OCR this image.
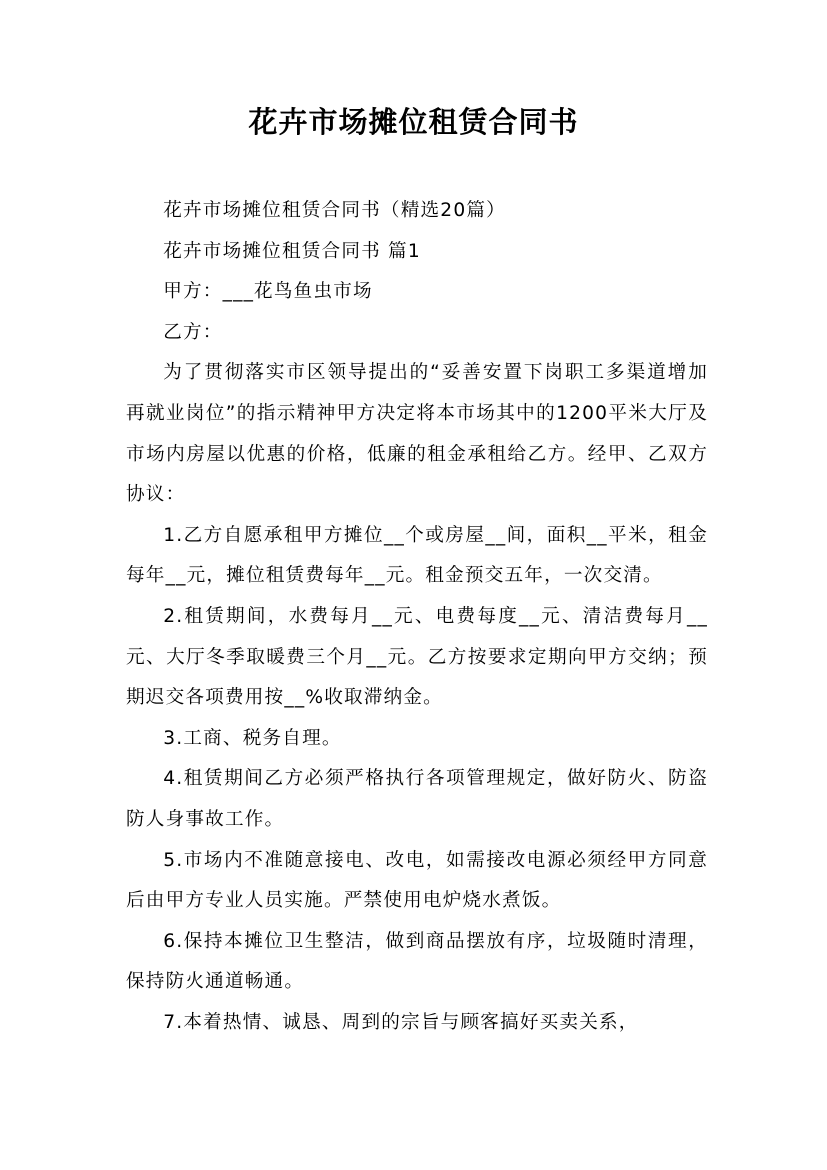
花卉市场摊位租赁合同书

花卉市场摊位租赁合同书（精选20篇）

花卉市场摊位租赁合同书 篇1

甲方：___花鸟鱼虫市场

乙方：

为了贯彻落实市区领导提出的“妥善安置下岗职工多渠道增加再就业岗位”的指示精神甲方决定将本市场其中的1200平米大厅及市场内房屋以优惠的价格，低廉的租金承租给乙方。经甲、乙双方协议：

1.乙方自愿承租甲方摊位__个或房屋__间，面积__平米，租金每年__元，摊位租赁费每年__元。租金预交五年，一次交清。

2.租赁期间，水费每月__元、电费每度__元、清洁费每月__元、大厅冬季取暖费三个月__元。乙方按要求定期向甲方交纳；预期迟交各项费用按__%收取滞纳金。

3.工商、税务自理。

4.租赁期间乙方必须严格执行各项管理规定，做好防火、防盗防人身事故工作。

5.市场内不准随意接电、改电，如需接改电源必须经甲方同意后由甲方专业人员实施。严禁使用电炉烧水煮饭。

6.保持本摊位卫生整洁，做到商品摆放有序，垃圾随时清理，保持防火通道畅通。

7.本着热情、诚恳、周到的宗旨与顾客搞好买卖关系，
